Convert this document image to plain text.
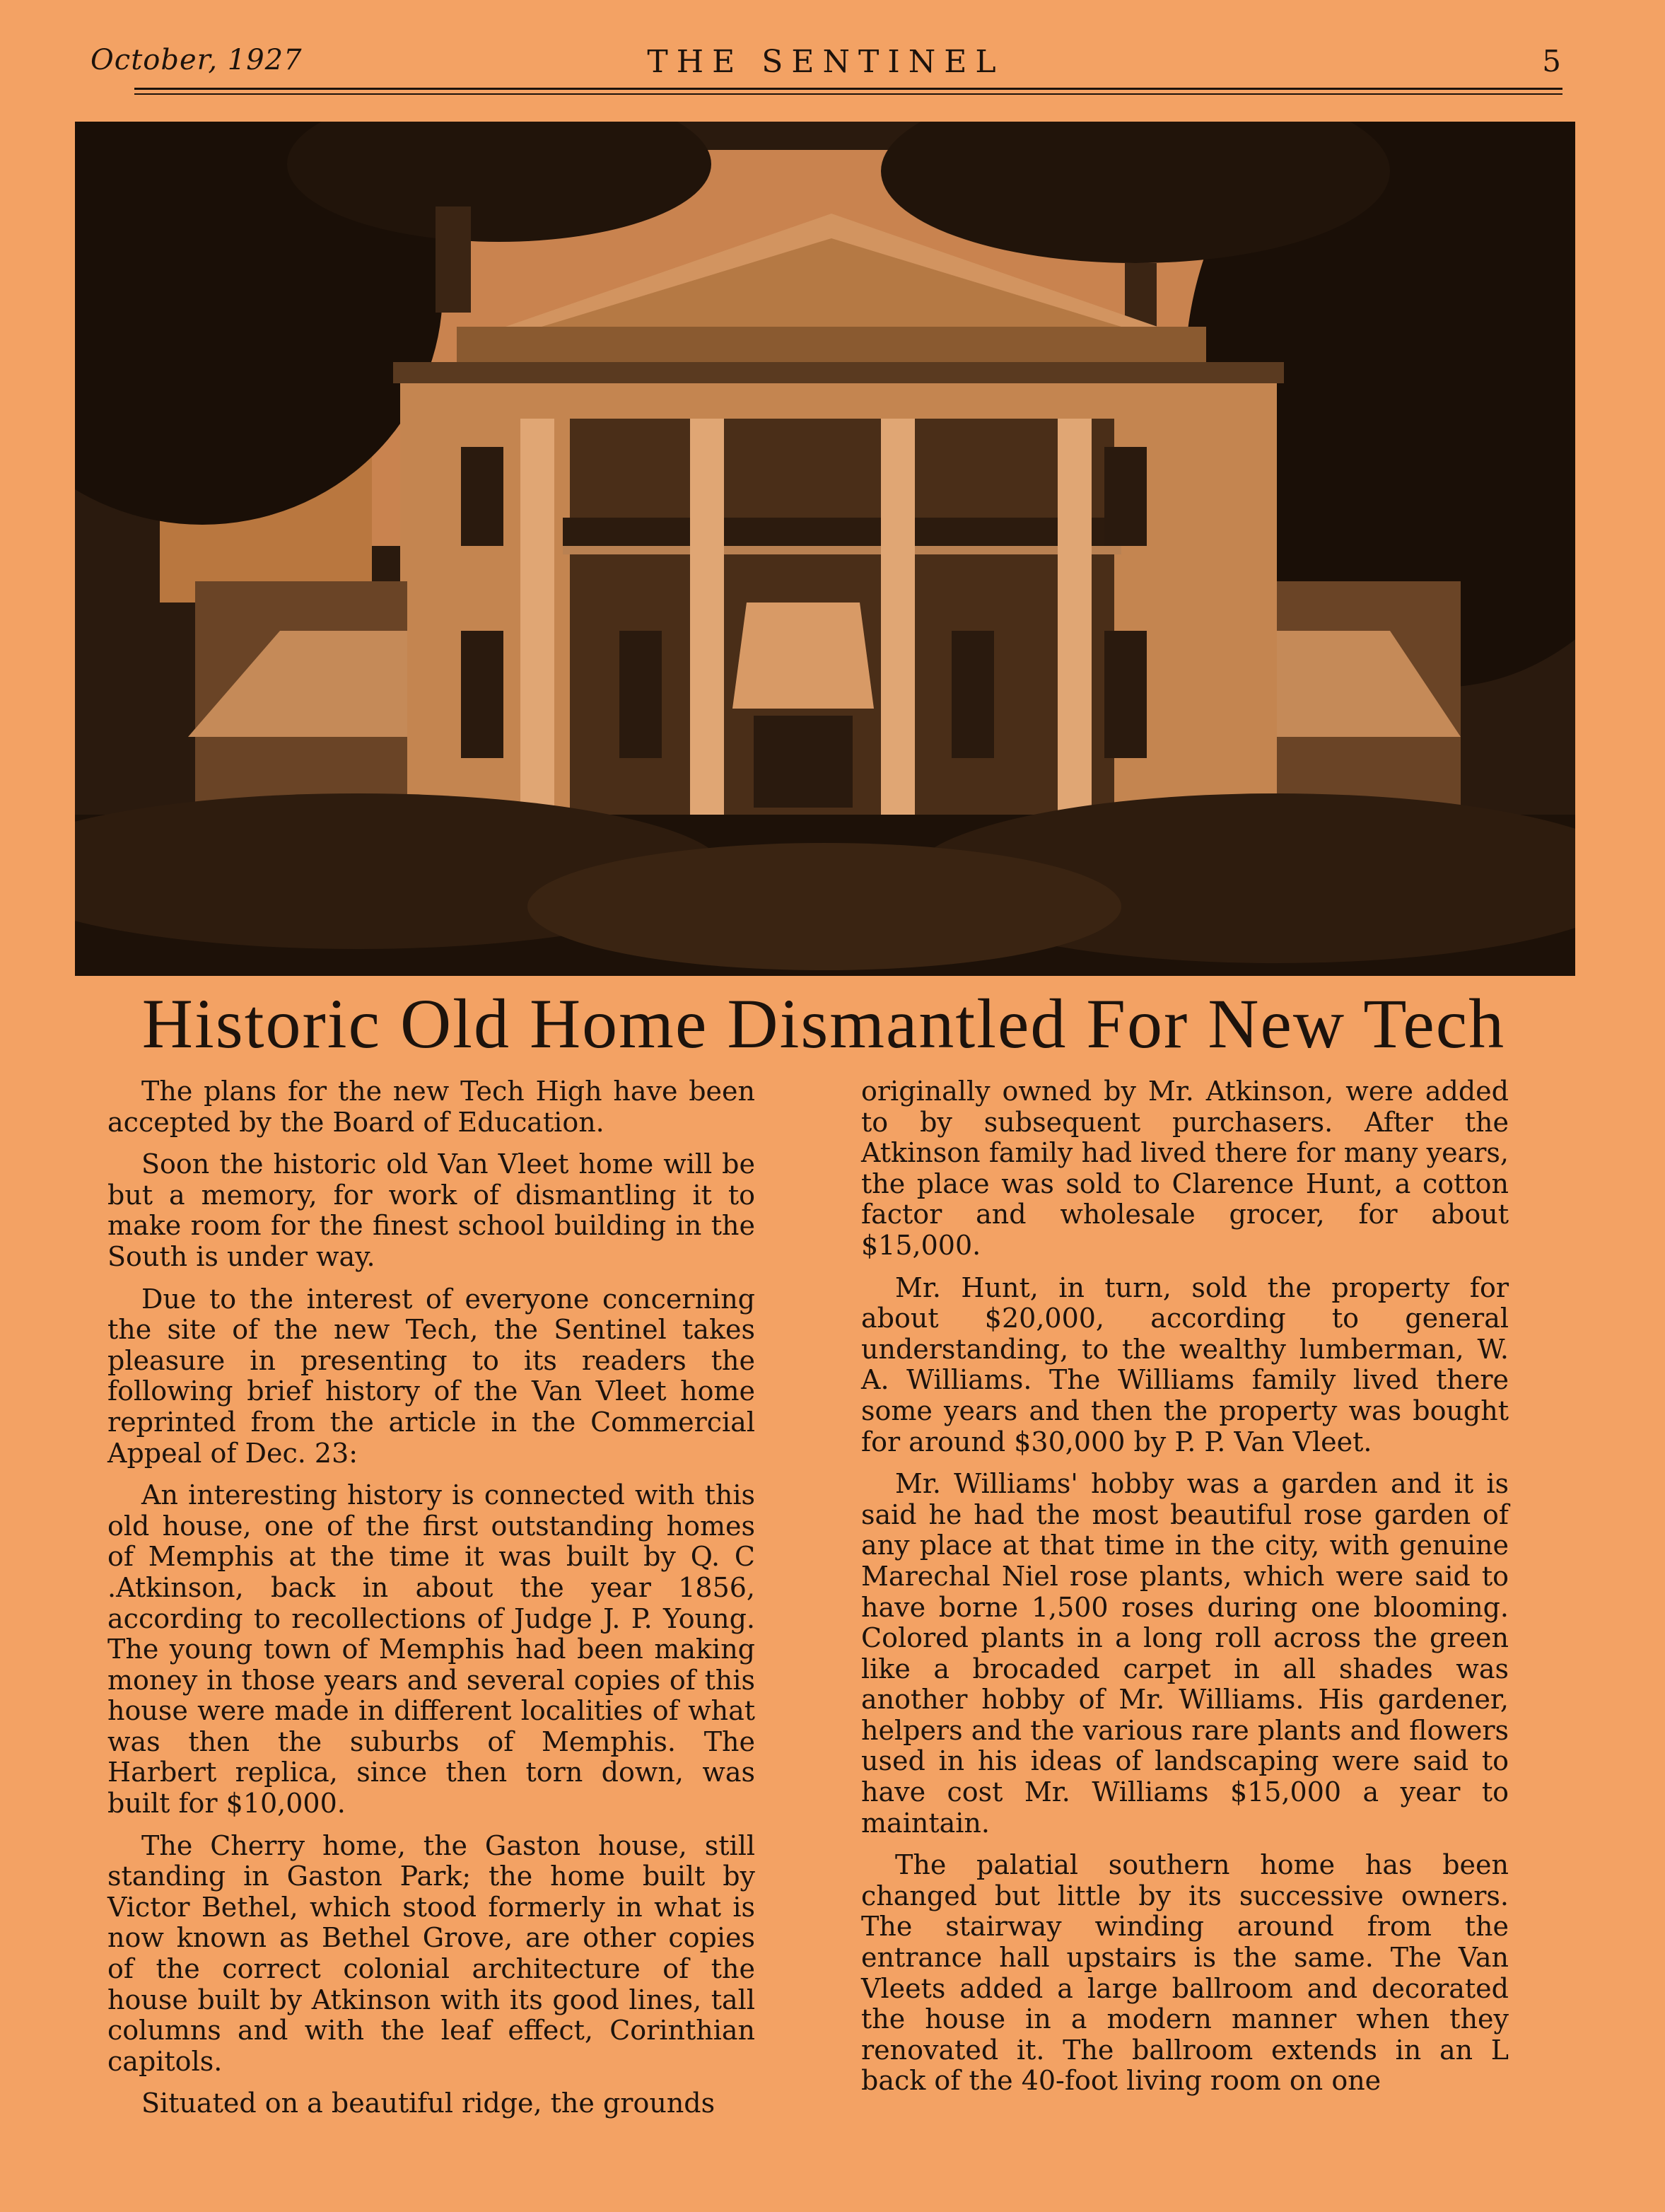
October, 1927	THE SENTINEL	5
Historic Old Home Dismantled For New Tech

The plans for the new Tech High have been accepted by the Board of Education.

Soon the historic old Van Vleet home will be but a memory, for work of dismantling it to make room for the finest school building in the South is under way.

Due to the interest of everyone concerning the site of the new Tech, the Sentinel takes pleasure in presenting to its readers the following brief history of the Van Vleet home reprinted from the article in the Commercial Appeal of Dec. 23:

An interesting history is connected with this old house, one of the first outstanding homes of Memphis at the time it was built by Q. C .Atkinson, back in about the year 1856, according to recollections of Judge J. P. Young. The young town of Memphis had been making money in those years and several copies of this house were made in different localities of what was then the suburbs of Memphis. The Harbert replica, since then torn down, was built for $10,000.

The Cherry home, the Gaston house, still standing in Gaston Park; the home built by Victor Bethel, which stood formerly in what is now known as Bethel Grove, are other copies of the correct colonial architecture of the house built by Atkinson with its good lines, tall columns and with the leaf effect, Corinthian capitols.

Situated on a beautiful ridge, the grounds

originally owned by Mr. Atkinson, were added to by subsequent purchasers. After the Atkinson family had lived there for many years, the place was sold to Clarence Hunt, a cotton factor and wholesale grocer, for about $15,000.

Mr. Hunt, in turn, sold the property for about $20,000, according to general understanding, to the wealthy lumberman, W. A. Williams. The Williams family lived there some years and then the property was bought for around $30,000 by P. P. Van Vleet.

Mr. Williams' hobby was a garden and it is said he had the most beautiful rose garden of any place at that time in the city, with genuine Marechal Niel rose plants, which were said to have borne 1,500 roses during one blooming. Colored plants in a long roll across the green like a brocaded carpet in all shades was another hobby of Mr. Williams. His gardener, helpers and the various rare plants and flowers used in his ideas of landscaping were said to have cost Mr. Williams $15,000 a year to maintain.

The palatial southern home has been changed but little by its successive owners. The stairway winding around from the entrance hall upstairs is the same. The Van Vleets added a large ballroom and decorated the house in a modern manner when they renovated it. The ballroom extends in an L back of the 40-foot living room on one
